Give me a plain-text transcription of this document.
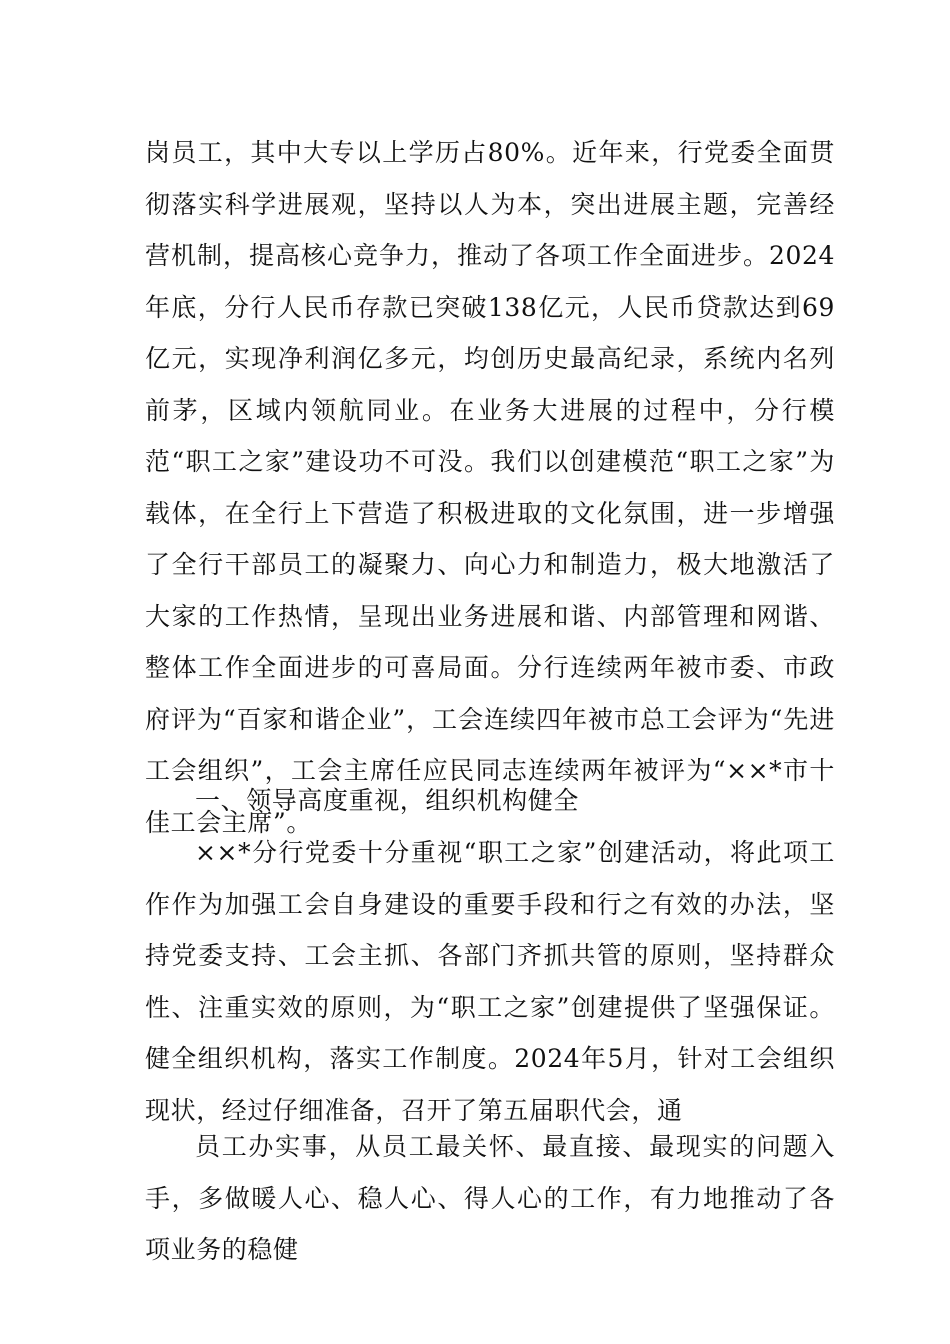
岗员工，其中大专以上学历占80%。近年来，行党委全面贯彻落实科学进展观，坚持以人为本，突出进展主题，完善经营机制，提高核心竞争力，推动了各项工作全面进步。2024年底，分行人民币存款已突破138亿元，人民币贷款达到69亿元，实现净利润亿多元，均创历史最高纪录，系统内名列前茅，区域内领航同业。在业务大进展的过程中，分行模范“职工之家”建设功不可没。我们以创建模范“职工之家”为载体，在全行上下营造了积极进取的文化氛围，进一步增强了全行干部员工的凝聚力、向心力和制造力，极大地激活了大家的工作热情，呈现出业务进展和谐、内部管理和网谐、整体工作全面进步的可喜局面。分行连续两年被市委、市政府评为“百家和谐企业”，工会连续四年被市总工会评为“先进工会组织”，工会主席任应民同志连续两年被评为“××*市十佳工会主席”。

一、领导高度重视，组织机构健全

××*分行党委十分重视“职工之家”创建活动，将此项工作作为加强工会自身建设的重要手段和行之有效的办法，坚持党委支持、工会主抓、各部门齐抓共管的原则，坚持群众性、注重实效的原则，为“职工之家”创建提供了坚强保证。健全组织机构，落实工作制度。2024年5月，针对工会组织现状，经过仔细准备，召开了第五届职代会，通

员工办实事，从员工最关怀、最直接、最现实的问题入手，多做暖人心、稳人心、得人心的工作，有力地推动了各项业务的稳健
